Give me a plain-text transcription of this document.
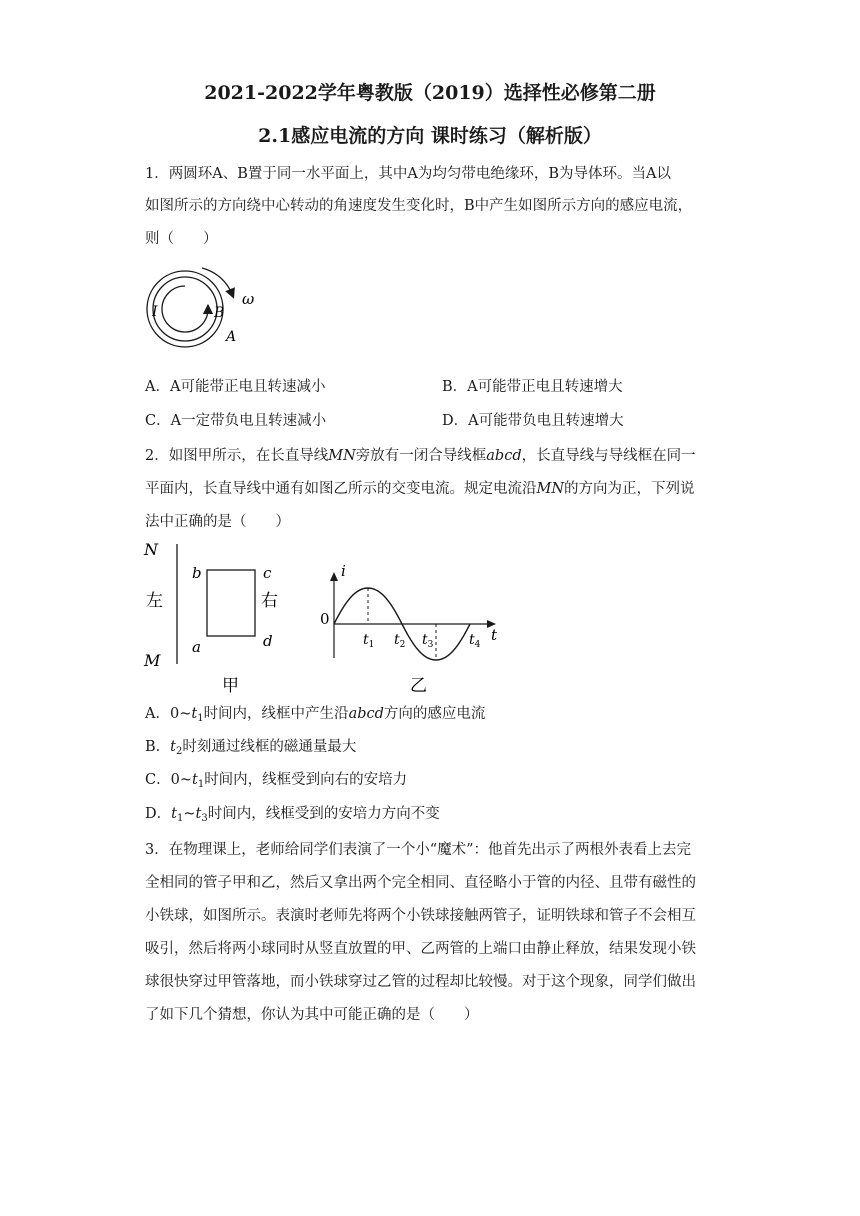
2021-2022学年粤教版（2019）选择性必修第二册
2.1感应电流的方向 课时练习（解析版）
1．两圆环A、B置于同一水平面上，其中A为均匀带电绝缘环，B为导体环。当A以
如图所示的方向绕中心转动的角速度发生变化时，B中产生如图所示方向的感应电流，
则（　　）
I	B
A
ω
A．A可能带正电且转速减小	B．A可能带正电且转速增大
C．A一定带负电且转速减小	D．A可能带负电且转速增大
2．如图甲所示，在长直导线MN旁放有一闭合导线框abcd，长直导线与导线框在同一
平面内，长直导线中通有如图乙所示的交变电流。规定电流沿MN的方向为正，下列说
法中正确的是（　　）
N
M
左	右
b	c
a	d
甲
i
0
t
$t_1$ $t_2$ $t_3$	$t_4$
乙
A．$0\sim t_1$时间内，线框中产生沿abcd方向的感应电流
B．$t_2$时刻通过线框的磁通量最大
C．$0\sim t_1$时间内，线框受到向右的安培力
D．$t_1\sim t_3$时间内，线框受到的安培力方向不变
3．在物理课上，老师给同学们表演了一个小“魔术”：他首先出示了两根外表看上去完
全相同的管子甲和乙，然后又拿出两个完全相同、直径略小于管的内径、且带有磁性的
小铁球，如图所示。表演时老师先将两个小铁球接触两管子，证明铁球和管子不会相互
吸引，然后将两小球同时从竖直放置的甲、乙两管的上端口由静止释放，结果发现小铁
球很快穿过甲管落地，而小铁球穿过乙管的过程却比较慢。对于这个现象，同学们做出
了如下几个猜想，你认为其中可能正确的是（　　）
